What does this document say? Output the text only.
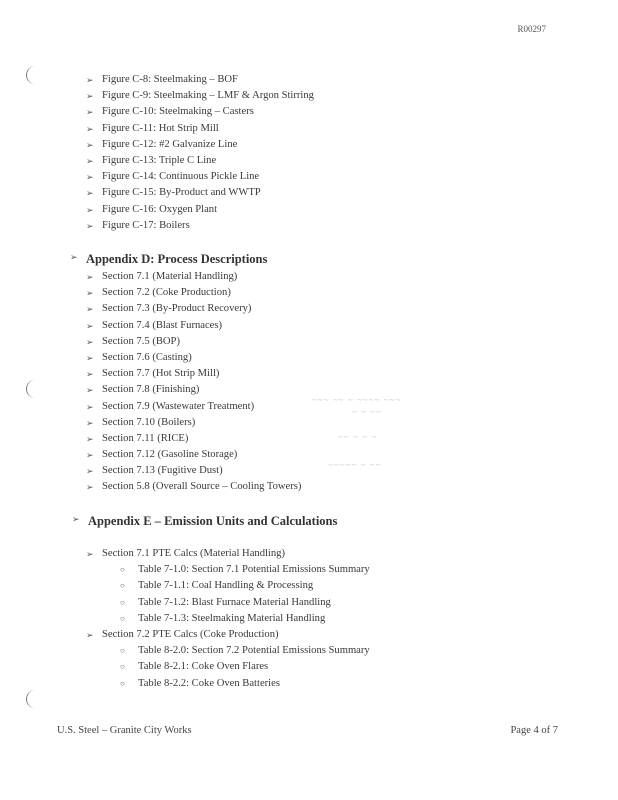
R00297
➢ Figure C-8: Steelmaking – BOF
➢ Figure C-9: Steelmaking – LMF & Argon Stirring
➢ Figure C-10: Steelmaking – Casters
➢ Figure C-11: Hot Strip Mill
➢ Figure C-12: #2 Galvanize Line
➢ Figure C-13: Triple C Line
➢ Figure C-14: Continuous Pickle Line
➢ Figure C-15: By-Product and WWTP
➢ Figure C-16: Oxygen Plant
➢ Figure C-17: Boilers
➢ Appendix D: Process Descriptions
➢ Section 7.1 (Material Handling)
➢ Section 7.2 (Coke Production)
➢ Section 7.3 (By-Product Recovery)
➢ Section 7.4 (Blast Furnaces)
➢ Section 7.5 (BOP)
➢ Section 7.6 (Casting)
➢ Section 7.7 (Hot Strip Mill)
➢ Section 7.8 (Finishing)
➢ Section 7.9 (Wastewater Treatment)
➢ Section 7.10 (Boilers)
➢ Section 7.11 (RICE)
➢ Section 7.12 (Gasoline Storage)
➢ Section 7.13 (Fugitive Dust)
➢ Section 5.8 (Overall Source – Cooling Towers)
~~~ ~~ ~ ~~~~ ~~~
~ ~ ~~
~~ ~ ~ ~
~~~~~ ~ ~~
➢ Appendix E – Emission Units and Calculations
➢ Section 7.1 PTE Calcs (Material Handling)
○ Table 7-1.0: Section 7.1 Potential Emissions Summary
○ Table 7-1.1: Coal Handling & Processing
○ Table 7-1.2: Blast Furnace Material Handling
○ Table 7-1.3: Steelmaking Material Handling
➢ Section 7.2 PTE Calcs (Coke Production)
○ Table 8-2.0: Section 7.2 Potential Emissions Summary
○ Table 8-2.1: Coke Oven Flares
○ Table 8-2.2: Coke Oven Batteries
U.S. Steel – Granite City Works	Page 4 of 7
